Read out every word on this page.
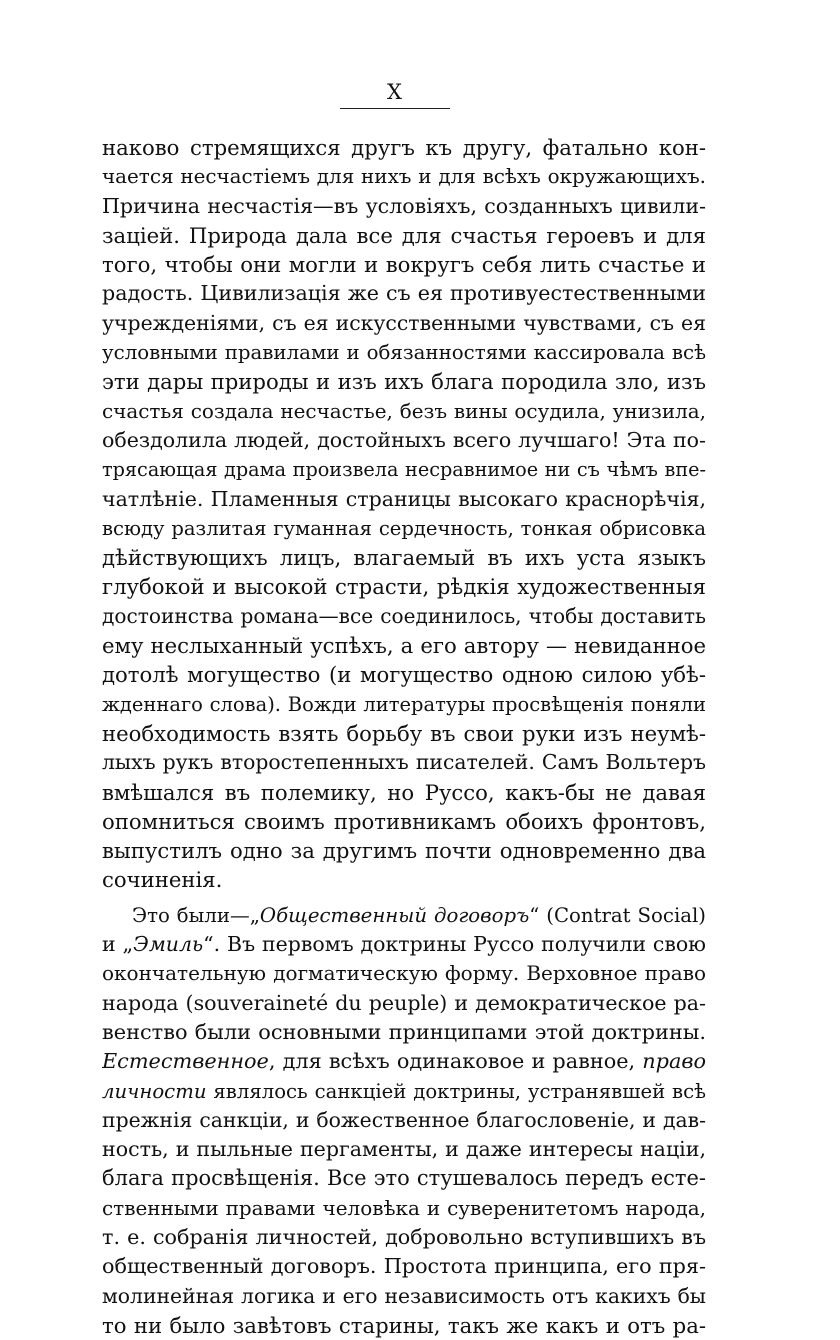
X
наково стремящихся другъ къ другу, фатально кон-
чается несчастіемъ для нихъ и для всѣхъ окружающихъ.
Причина несчастія—въ условіяхъ, созданныхъ цивили-
заціей. Природа дала все для счастья героевъ и для
того, чтобы они могли и вокругъ себя лить счастье и
радость. Цивилизація же съ ея противуестественными
учрежденіями, съ ея искусственными чувствами, съ ея
условными правилами и обязанностями кассировала всѣ
эти дары природы и изъ ихъ блага породила зло, изъ
счастья создала несчастье, безъ вины осудила, унизила,
обездолила людей, достойныхъ всего лучшаго! Эта по-
трясающая драма произвела несравнимое ни съ чѣмъ впе-
чатлѣніе. Пламенныя страницы высокаго краснорѣчія,
всюду разлитая гуманная сердечность, тонкая обрисовка
дѣйствующихъ лицъ, влагаемый въ ихъ уста языкъ
глубокой и высокой страсти, рѣдкія художественныя
достоинства романа—все соединилось, чтобы доставить
ему неслыханный успѣхъ, а его автору — невиданное
дотолѣ могущество (и могущество одною силою убѣ-
жденнаго слова). Вожди литературы просвѣщенія поняли
необходимость взять борьбу въ свои руки изъ неумѣ-
лыхъ рукъ второстепенныхъ писателей. Самъ Вольтеръ
вмѣшался въ полемику, но Руссо, какъ-бы не давая
опомниться своимъ противникамъ обоихъ фронтовъ,
выпустилъ одно за другимъ почти одновременно два
сочиненія.
Это были—„Общественный договоръ“ (Contrat Social)
и „Эмиль“. Въ первомъ доктрины Руссо получили свою
окончательную догматическую форму. Верховное право
народа (souveraineté du peuple) и демократическое ра-
венство были основными принципами этой доктрины.
Естественное, для всѣхъ одинаковое и равное, право
личности являлось санкціей доктрины, устранявшей всѣ
прежнія санкціи, и божественное благословеніе, и дав-
ность, и пыльные пергаменты, и даже интересы націи,
блага просвѣщенія. Все это стушевалось передъ есте-
ственными правами человѣка и суверенитетомъ народа,
т. е. собранія личностей, добровольно вступившихъ въ
общественный договоръ. Простота принципа, его пря-
молинейная логика и его независимость отъ какихъ бы
то ни было завѣтовъ старины, такъ же какъ и отъ ра-
